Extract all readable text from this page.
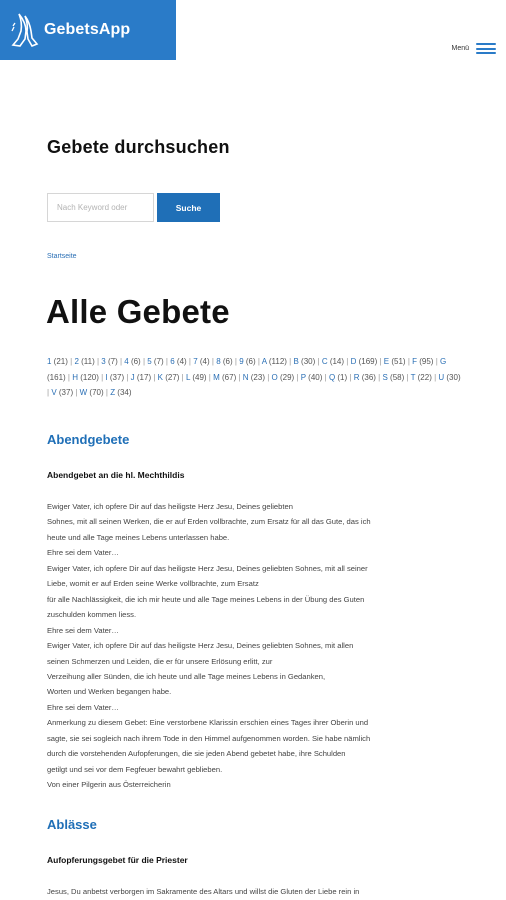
GebetsApp
Menü
Gebete durchsuchen
Nach Keyword oder
Suche
Startseite
Alle Gebete
1 (21) | 2 (11) | 3 (7) | 4 (6) | 5 (7) | 6 (4) | 7 (4) | 8 (6) | 9 (6) | A (112) | B (30) | C (14) | D (169) | E (51) | F (95) | G (161) | H (120) | I (37) | J (17) | K (27) | L (49) | M (67) | N (23) | O (29) | P (40) | Q (1) | R (36) | S (58) | T (22) | U (30) | V (37) | W (70) | Z (34)
Abendgebete

Abendgebet an die hl. Mechthildis

Ewiger Vater, ich opfere Dir auf das heiligste Herz Jesu, Deines geliebten
Sohnes, mit all seinen Werken, die er auf Erden vollbrachte, zum Ersatz für all das Gute, das ich
heute und alle Tage meines Lebens unterlassen habe.
Ehre sei dem Vater…
Ewiger Vater, ich opfere Dir auf das heiligste Herz Jesu, Deines geliebten Sohnes, mit all seiner
Liebe, womit er auf Erden seine Werke vollbrachte, zum Ersatz
für alle Nachlässigkeit, die ich mir heute und alle Tage meines Lebens in der Übung des Guten
zuschulden kommen liess.
Ehre sei dem Vater…
Ewiger Vater, ich opfere Dir auf das heiligste Herz Jesu, Deines geliebten Sohnes, mit allen
seinen Schmerzen und Leiden, die er für unsere Erlösung erlitt, zur
Verzeihung aller Sünden, die ich heute und alle Tage meines Lebens in Gedanken,
Worten und Werken begangen habe.
Ehre sei dem Vater…
Anmerkung zu diesem Gebet: Eine verstorbene Klarissin erschien eines Tages ihrer Oberin und
sagte, sie sei sogleich nach ihrem Tode in den Himmel aufgenommen worden. Sie habe nämlich
durch die vorstehenden Aufopferungen, die sie jeden Abend gebetet habe, ihre Schulden
getilgt und sei vor dem Fegfeuer bewahrt geblieben.
Von einer Pilgerin aus Österreicherin
Ablässe

Aufopferungsgebet für die Priester

Jesus, Du anbetst verborgen im Sakramente des Altars und willst die Gluten der Liebe rein in
